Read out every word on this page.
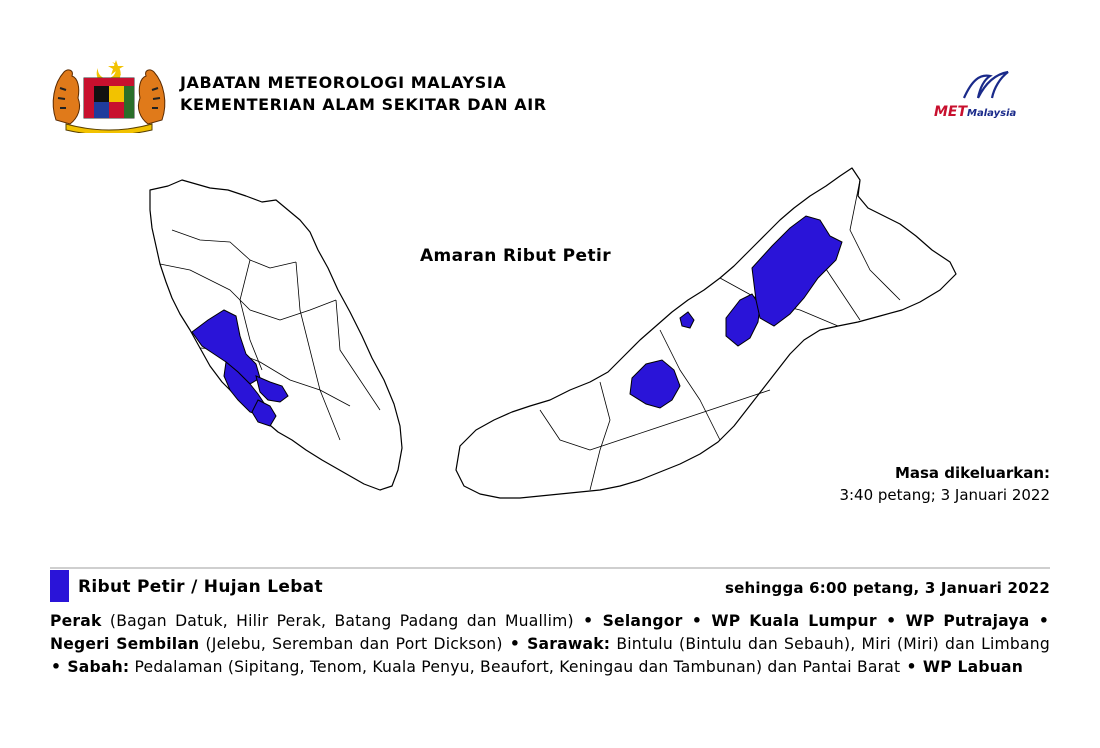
JABATAN METEOROLOGI MALAYSIA
KEMENTERIAN ALAM SEKITAR DAN AIR	METMalaysia
Amaran Ribut Petir
Masa dikeluarkan:
3:40 petang; 3 Januari 2022
Ribut Petir / Hujan Lebat	sehingga 6:00 petang, 3 Januari 2022
Perak (Bagan Datuk, Hilir Perak, Batang Padang dan Muallim) • Selangor • WP Kuala Lumpur • WP Putrajaya • Negeri Sembilan (Jelebu, Seremban dan Port Dickson) • Sarawak: Bintulu (Bintulu dan Sebauh), Miri (Miri) dan Limbang • Sabah: Pedalaman (Sipitang, Tenom, Kuala Penyu, Beaufort, Keningau dan Tambunan) dan Pantai Barat • WP Labuan
